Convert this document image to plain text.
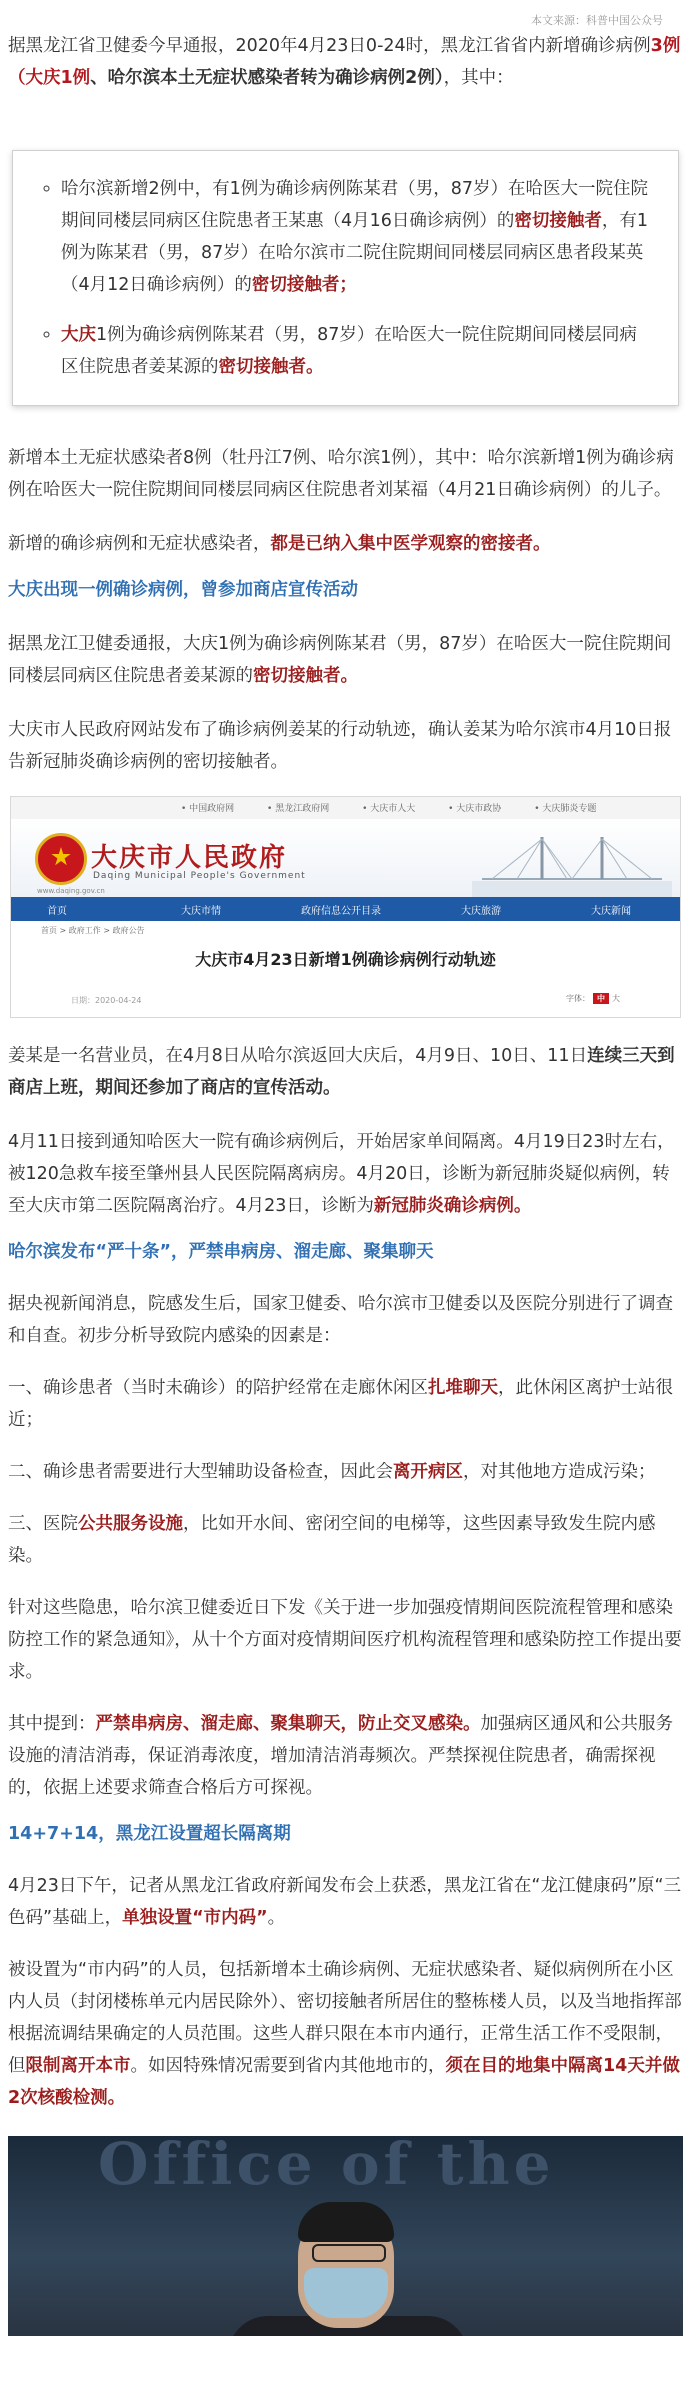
本文来源：科普中国公众号

据黑龙江省卫健委今早通报，2020年4月23日0-24时，黑龙江省省内新增确诊病例3例（大庆1例、哈尔滨本土无症状感染者转为确诊病例2例），其中：

◦ 哈尔滨新增2例中，有1例为确诊病例陈某君（男，87岁）在哈医大一院住院期间同楼层同病区住院患者王某惠（4月16日确诊病例）的密切接触者，有1例为陈某君（男，87岁）在哈尔滨市二院住院期间同楼层同病区患者段某英（4月12日确诊病例）的密切接触者；
◦ 大庆1例为确诊病例陈某君（男，87岁）在哈医大一院住院期间同楼层同病区住院患者姜某源的密切接触者。

新增本土无症状感染者8例（牡丹江7例、哈尔滨1例），其中：哈尔滨新增1例为确诊病例在哈医大一院住院期间同楼层同病区住院患者刘某福（4月21日确诊病例）的儿子。

新增的确诊病例和无症状感染者，都是已纳入集中医学观察的密接者。

大庆出现一例确诊病例，曾参加商店宣传活动

据黑龙江卫健委通报，大庆1例为确诊病例陈某君（男，87岁）在哈医大一院住院期间同楼层同病区住院患者姜某源的密切接触者。

大庆市人民政府网站发布了确诊病例姜某的行动轨迹，确认姜某为哈尔滨市4月10日报告新冠肺炎确诊病例的密切接触者。

• 中国政府网	• 黑龙江政府网	• 大庆市人大	• 大庆市政协	• 大庆肺炎专题
大庆市人民政府
Daqing Municipal People's Government
www.daqing.gov.cn
首页	大庆市情	政府信息公开目录	大庆旅游	大庆新闻
首页 > 政府工作 > 政府公告
大庆市4月23日新增1例确诊病例行动轨迹
日期：2020-04-24	字体： 中 大

姜某是一名营业员，在4月8日从哈尔滨返回大庆后，4月9日、10日、11日连续三天到商店上班，期间还参加了商店的宣传活动。

4月11日接到通知哈医大一院有确诊病例后，开始居家单间隔离。4月19日23时左右，被120急救车接至肇州县人民医院隔离病房。4月20日，诊断为新冠肺炎疑似病例，转至大庆市第二医院隔离治疗。4月23日，诊断为新冠肺炎确诊病例。

哈尔滨发布“严十条”，严禁串病房、溜走廊、聚集聊天

据央视新闻消息，院感发生后，国家卫健委、哈尔滨市卫健委以及医院分别进行了调查和自查。初步分析导致院内感染的因素是：

一、确诊患者（当时未确诊）的陪护经常在走廊休闲区扎堆聊天，此休闲区离护士站很近；

二、确诊患者需要进行大型辅助设备检查，因此会离开病区，对其他地方造成污染；

三、医院公共服务设施，比如开水间、密闭空间的电梯等，这些因素导致发生院内感染。

针对这些隐患，哈尔滨卫健委近日下发《关于进一步加强疫情期间医院流程管理和感染防控工作的紧急通知》，从十个方面对疫情期间医疗机构流程管理和感染防控工作提出要求。

其中提到：严禁串病房、溜走廊、聚集聊天，防止交叉感染。加强病区通风和公共服务设施的清洁消毒，保证消毒浓度，增加清洁消毒频次。严禁探视住院患者，确需探视的，依据上述要求筛查合格后方可探视。

14+7+14，黑龙江设置超长隔离期

4月23日下午，记者从黑龙江省政府新闻发布会上获悉，黑龙江省在“龙江健康码”原“三色码”基础上，单独设置“市内码”。

被设置为“市内码”的人员，包括新增本土确诊病例、无症状感染者、疑似病例所在小区内人员（封闭楼栋单元内居民除外）、密切接触者所居住的整栋楼人员，以及当地指挥部根据流调结果确定的人员范围。这些人群只限在本市内通行，正常生活工作不受限制，但限制离开本市。如因特殊情况需要到省内其他地市的，须在目的地集中隔离14天并做2次核酸检测。

Office of the
